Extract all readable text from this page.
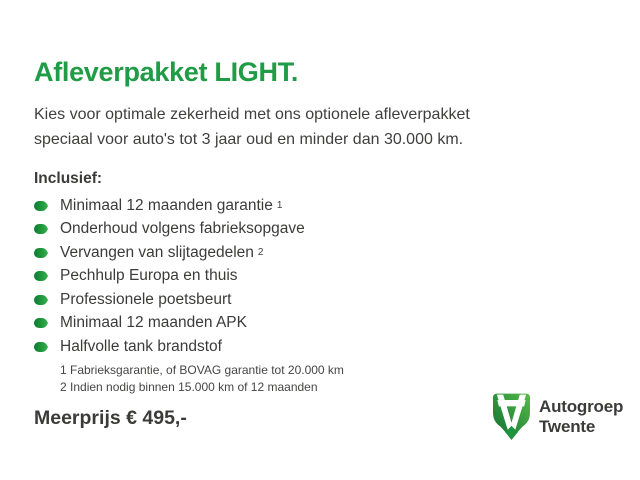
Afleverpakket LIGHT.

Kies voor optimale zekerheid met ons optionele afleverpakket
speciaal voor auto's tot 3 jaar oud en minder dan 30.000 km.

Inclusief:
Minimaal 12 maanden garantie 1
Onderhoud volgens fabrieksopgave
Vervangen van slijtagedelen 2
Pechhulp Europa en thuis
Professionele poetsbeurt
Minimaal 12 maanden APK
Halfvolle tank brandstof
1 Fabrieksgarantie, of BOVAG garantie tot 20.000 km
2 Indien nodig binnen 15.000 km of 12 maanden
Meerprijs € 495,-	Autogroep
Twente
